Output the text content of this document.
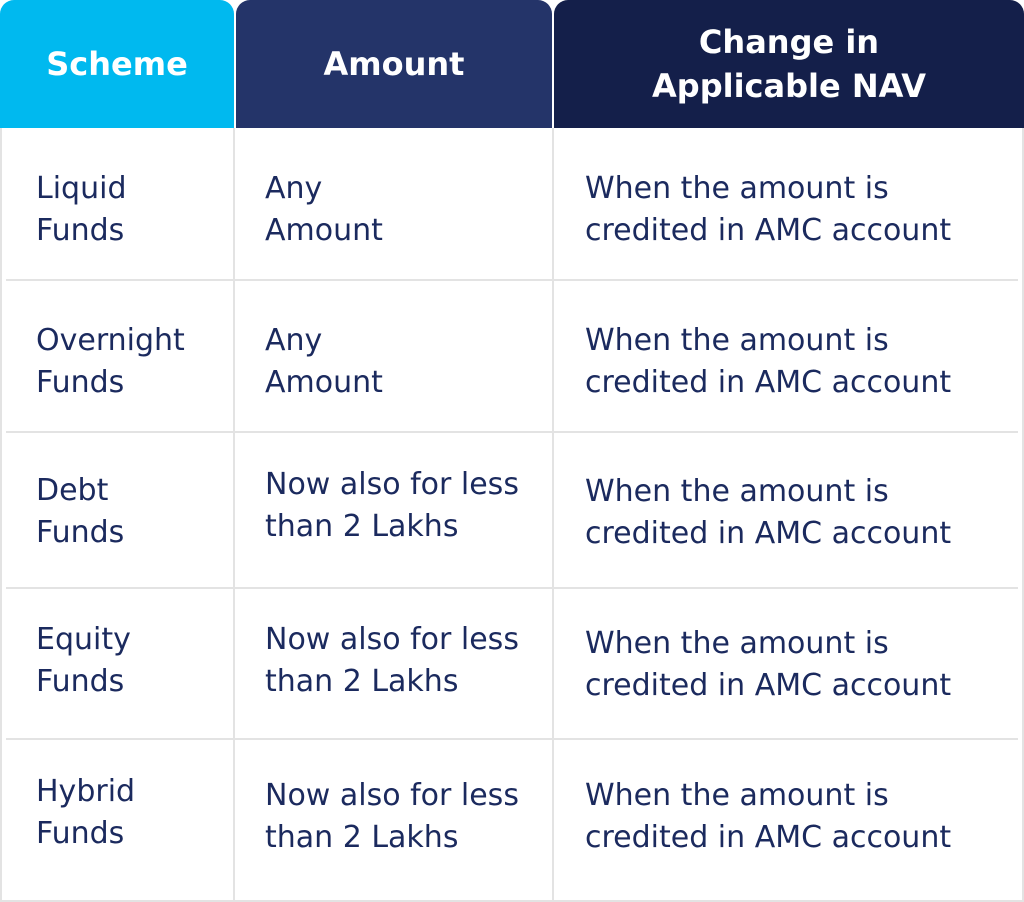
Scheme	Amount
Change in
Applicable NAV
Liquid
Funds
Any
Amount
When the amount is
credited in AMC account
Overnight
Funds
Any
Amount
When the amount is
credited in AMC account
Debt
Funds
Now also for less
than 2 Lakhs
When the amount is
credited in AMC account
Equity
Funds
Now also for less
than 2 Lakhs
When the amount is
credited in AMC account
Hybrid
Funds
Now also for less
than 2 Lakhs
When the amount is
credited in AMC account
